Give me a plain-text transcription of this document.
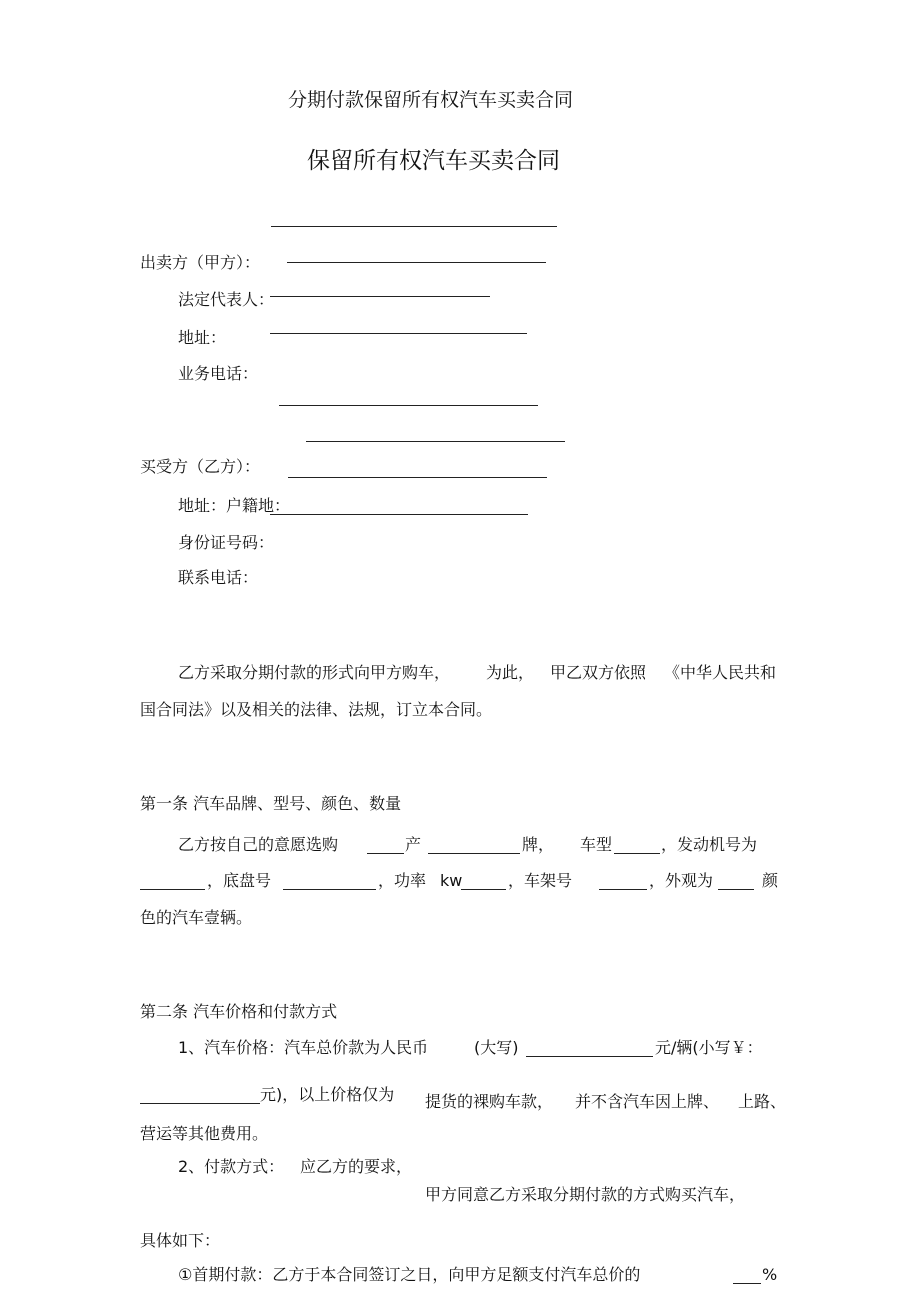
分期付款保留所有权汽车买卖合同
保留所有权汽车买卖合同
出卖方（甲方）：
法定代表人：
地址：
业务电话：
买受方（乙方）：
地址：户籍地：
身份证号码：
联系电话：
乙方采取分期付款的形式向甲方购车， 为此， 甲乙双方依照 《中华人民共和
国合同法》以及相关的法律、法规，订立本合同。
第一条 汽车品牌、型号、颜色、数量
乙方按自己的意愿选购	产	牌， 车型	，发动机号为
，底盘号	，功率 kw	，车架号	，外观为	颜
色的汽车壹辆。
第二条 汽车价格和付款方式
1、汽车价格：汽车总价款为人民币	(大写)	元/辆(小写￥：
元)，以上价格仅为 提货的裸购车款， 并不含汽车因上牌、 上路、
营运等其他费用。
2、付款方式： 应乙方的要求，
甲方同意乙方采取分期付款的方式购买汽车，
具体如下：
①首期付款：乙方于本合同签订之日，向甲方足额支付汽车总价的	%
